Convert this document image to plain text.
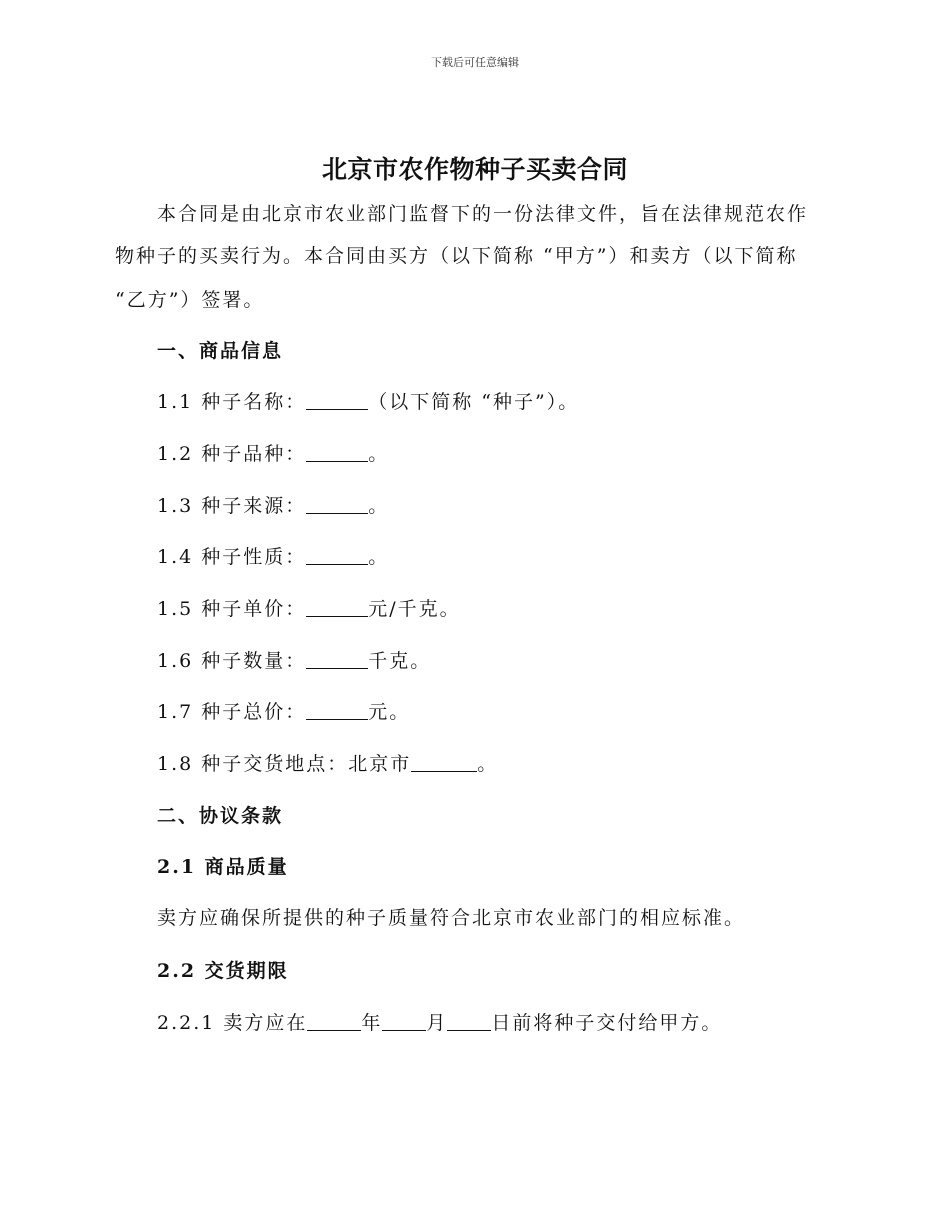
下载后可任意编辑
北京市农作物种子买卖合同
本合同是由北京市农业部门监督下的一份法律文件，旨在法律规范农作
物种子的买卖行为。本合同由买方（以下简称 “甲方”）和卖方（以下简称
“乙方”）签署。
一、商品信息
1.1 种子名称：	（以下简称 “种子”）。
1.2 种子品种：	。
1.3 种子来源：	。
1.4 种子性质：	。
1.5 种子单价：	元/千克。
1.6 种子数量：	千克。
1.7 种子总价：	元。
1.8 种子交货地点：北京市	。
二、协议条款
2.1 商品质量
卖方应确保所提供的种子质量符合北京市农业部门的相应标准。
2.2 交货期限
2.2.1 卖方应在	年 月 日前将种子交付给甲方。
